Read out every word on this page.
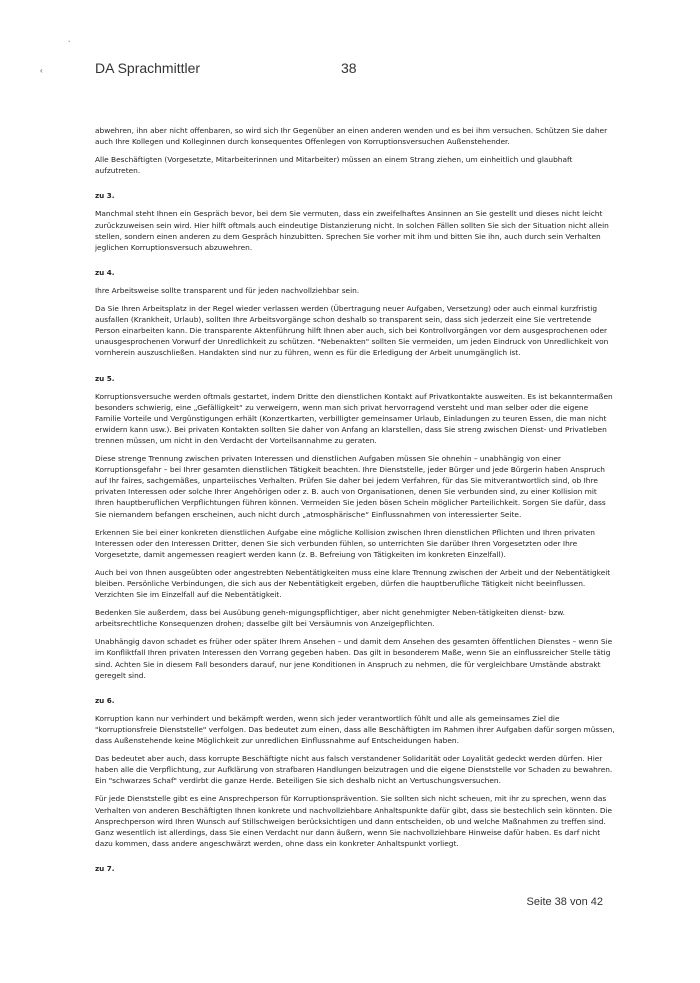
`
‹	DA Sprachmittler	38

abwehren, ihn aber nicht offenbaren, so wird sich Ihr Gegenüber an einen anderen wenden und es bei ihm versuchen. Schützen Sie daher auch Ihre Kollegen und Kolleginnen durch konsequentes Offenlegen von Korruptionsversuchen Außenstehender.

Alle Beschäftigten (Vorgesetzte, Mitarbeiterinnen und Mitarbeiter) müssen an einem Strang ziehen, um einheitlich und glaubhaft aufzutreten.

zu 3.

Manchmal steht Ihnen ein Gespräch bevor, bei dem Sie vermuten, dass ein zweifelhaftes Ansinnen an Sie gestellt und dieses nicht leicht zurückzuweisen sein wird. Hier hilft oftmals auch eindeutige Distanzierung nicht. In solchen Fällen sollten Sie sich der Situation nicht allein stellen, sondern einen anderen zu dem Gespräch hinzubitten. Sprechen Sie vorher mit ihm und bitten Sie ihn, auch durch sein Verhalten jeglichen Korruptionsversuch abzuwehren.

zu 4.

Ihre Arbeitsweise sollte transparent und für jeden nachvollziehbar sein.

Da Sie Ihren Arbeitsplatz in der Regel wieder verlassen werden (Übertragung neuer Aufgaben, Versetzung) oder auch einmal kurzfristig ausfallen (Krankheit, Urlaub), sollten Ihre Arbeitsvorgänge schon deshalb so transparent sein, dass sich jederzeit eine Sie vertretende Person einarbeiten kann. Die transparente Aktenführung hilft Ihnen aber auch, sich bei Kontrollvorgängen vor dem ausgesprochenen oder unausgesprochenen Vorwurf der Unredlichkeit zu schützen. "Nebenakten" sollten Sie vermeiden, um jeden Eindruck von Unredlichkeit von vornherein auszuschließen. Handakten sind nur zu führen, wenn es für die Erledigung der Arbeit unumgänglich ist.

zu 5.

Korruptionsversuche werden oftmals gestartet, indem Dritte den dienstlichen Kontakt auf Privatkontakte ausweiten. Es ist bekanntermaßen besonders schwierig, eine „Gefälligkeit“ zu verweigern, wenn man sich privat hervorragend versteht und man selber oder die eigene Familie Vorteile und Vergünstigungen erhält (Konzertkarten, verbilligter gemeinsamer Urlaub, Einladungen zu teuren Essen, die man nicht erwidern kann usw.). Bei privaten Kontakten sollten Sie daher von Anfang an klarstellen, dass Sie streng zwischen Dienst- und Privatleben trennen müssen, um nicht in den Verdacht der Vorteilsannahme zu geraten.

Diese strenge Trennung zwischen privaten Interessen und dienstlichen Aufgaben müssen Sie ohnehin – unabhängig von einer Korruptionsgefahr – bei Ihrer gesamten dienstlichen Tätigkeit beachten. Ihre Dienststelle, jeder Bürger und jede Bürgerin haben Anspruch auf Ihr faires, sachgemäßes, unparteiisches Verhalten. Prüfen Sie daher bei jedem Verfahren, für das Sie mitverantwortlich sind, ob Ihre privaten Interessen oder solche Ihrer Angehörigen oder z. B. auch von Organisationen, denen Sie verbunden sind, zu einer Kollision mit Ihren hauptberuflichen Verpflichtungen führen können. Vermeiden Sie jeden bösen Schein möglicher Parteilichkeit. Sorgen Sie dafür, dass Sie niemandem befangen erscheinen, auch nicht durch „atmosphärische“ Einflussnahmen von interessierter Seite.

Erkennen Sie bei einer konkreten dienstlichen Aufgabe eine mögliche Kollision zwischen Ihren dienstlichen Pflichten und Ihren privaten Interessen oder den Interessen Dritter, denen Sie sich verbunden fühlen, so unterrichten Sie darüber Ihren Vorgesetzten oder Ihre Vorgesetzte, damit angemessen reagiert werden kann (z. B. Befreiung von Tätigkeiten im konkreten Einzelfall).

Auch bei von Ihnen ausgeübten oder angestrebten Nebentätigkeiten muss eine klare Trennung zwischen der Arbeit und der Nebentätigkeit bleiben. Persönliche Verbindungen, die sich aus der Nebentätigkeit ergeben, dürfen die hauptberufliche Tätigkeit nicht beeinflussen. Verzichten Sie im Einzelfall auf die Nebentätigkeit.

Bedenken Sie außerdem, dass bei Ausübung geneh-migungspflichtiger, aber nicht genehmigter Neben-tätigkeiten dienst- bzw. arbeitsrechtliche Konsequenzen drohen; dasselbe gilt bei Versäumnis von Anzeigepflichten.

Unabhängig davon schadet es früher oder später Ihrem Ansehen – und damit dem Ansehen des gesamten öffentlichen Dienstes – wenn Sie im Konfliktfall Ihren privaten Interessen den Vorrang gegeben haben. Das gilt in besonderem Maße, wenn Sie an einflussreicher Stelle tätig sind. Achten Sie in diesem Fall besonders darauf, nur jene Konditionen in Anspruch zu nehmen, die für vergleichbare Umstände abstrakt geregelt sind.

zu 6.

Korruption kann nur verhindert und bekämpft werden, wenn sich jeder verantwortlich fühlt und alle als gemeinsames Ziel die "korruptionsfreie Dienststelle" verfolgen. Das bedeutet zum einen, dass alle Beschäftigten im Rahmen ihrer Aufgaben dafür sorgen müssen, dass Außenstehende keine Möglichkeit zur unredlichen Einflussnahme auf Entscheidungen haben.

Das bedeutet aber auch, dass korrupte Beschäftigte nicht aus falsch verstandener Solidarität oder Loyalität gedeckt werden dürfen. Hier haben alle die Verpflichtung, zur Aufklärung von strafbaren Handlungen beizutragen und die eigene Dienststelle vor Schaden zu bewahren. Ein "schwarzes Schaf" verdirbt die ganze Herde. Beteiligen Sie sich deshalb nicht an Vertuschungsversuchen.

Für jede Dienststelle gibt es eine Ansprechperson für Korruptionsprävention. Sie sollten sich nicht scheuen, mit ihr zu sprechen, wenn das Verhalten von anderen Beschäftigten Ihnen konkrete und nachvollziehbare Anhaltspunkte dafür gibt, dass sie bestechlich sein könnten. Die Ansprechperson wird Ihren Wunsch auf Stillschweigen berücksichtigen und dann entscheiden, ob und welche Maßnahmen zu treffen sind. Ganz wesentlich ist allerdings, dass Sie einen Verdacht nur dann äußern, wenn Sie nachvollziehbare Hinweise dafür haben. Es darf nicht dazu kommen, dass andere angeschwärzt werden, ohne dass ein konkreter Anhaltspunkt vorliegt.

zu 7.

Seite 38 von 42
